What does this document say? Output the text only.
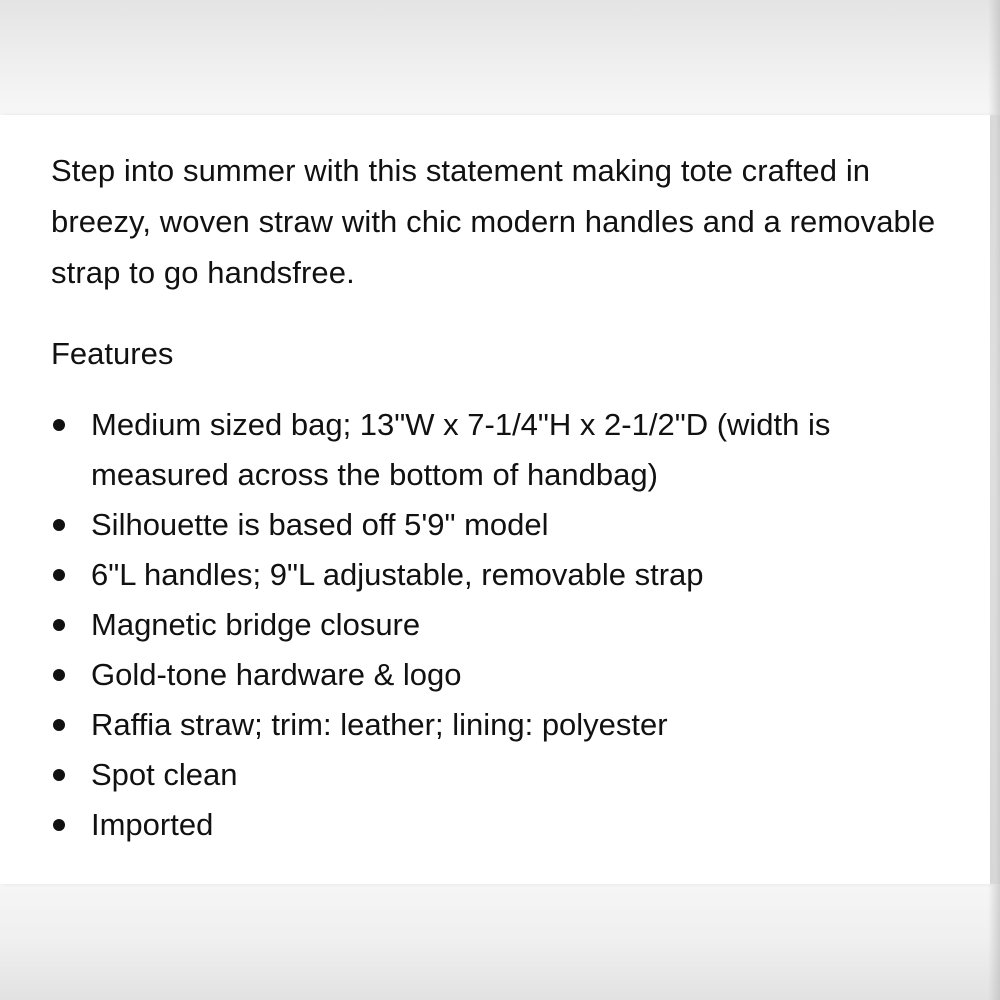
Step into summer with this statement making tote crafted in breezy, woven straw with chic modern handles and a removable strap to go handsfree.

Features
Medium sized bag; 13"W x 7-1/4"H x 2-1/2"D (width is measured across the bottom of handbag)
Silhouette is based off 5'9" model
6"L handles; 9"L adjustable, removable strap
Magnetic bridge closure
Gold-tone hardware & logo
Raffia straw; trim: leather; lining: polyester
Spot clean
Imported
